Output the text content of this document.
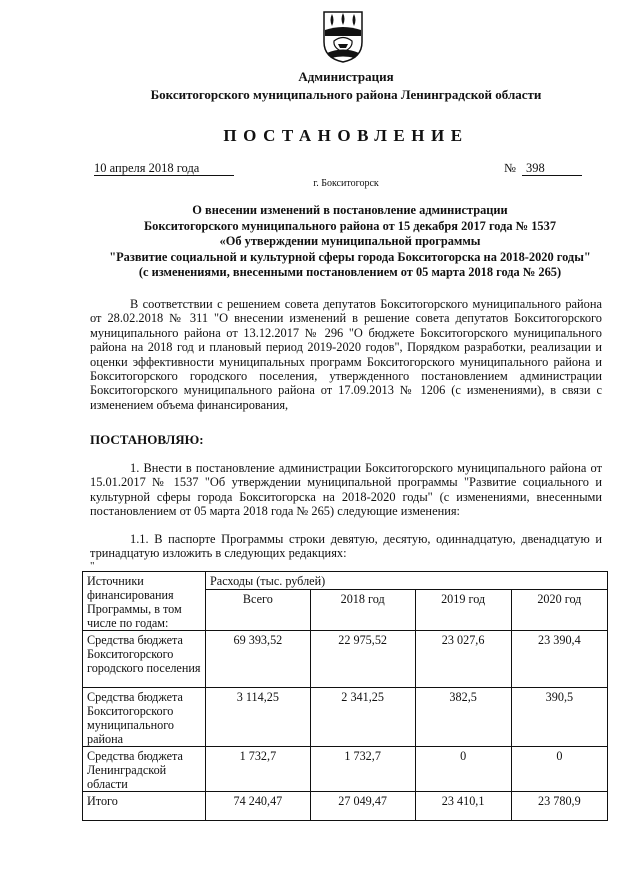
Администрация
Бокситогорского муниципального района Ленинградской области
ПОСТАНОВЛЕНИЕ
10 апреля 2018 года	№ 398
г. Бокситогорск
О внесении изменений в постановление администрации
Бокситогорского муниципального района от 15 декабря 2017 года № 1537
«Об утверждении муниципальной программы
"Развитие социальной и культурной сферы города Бокситогорска на 2018-2020 годы"
(с изменениями, внесенными постановлением от 05 марта 2018 года № 265)
В соответствии с решением совета депутатов Бокситогорского муниципального района от 28.02.2018 № 311 "О внесении изменений в решение совета депутатов Бокситогорского муниципального района от 13.12.2017 № 296 "О бюджете Бокситогорского муниципального района на 2018 год и плановый период 2019-2020 годов", Порядком разработки, реализации и оценки эффективности муниципальных программ Бокситогорского муниципального района и Бокситогорского городского поселения, утвержденного постановлением администрации Бокситогорского муниципального района от 17.09.2013 № 1206 (с изменениями), в связи с изменением объема финансирования,
ПОСТАНОВЛЯЮ:
1. Внести в постановление администрации Бокситогорского муниципального района от 15.01.2017 № 1537 "Об утверждении муниципальной программы "Развитие социального и культурной сферы города Бокситогорска на 2018-2020 годы" (с изменениями, внесенными постановлением от 05 марта 2018 года № 265) следующие изменения:
1.1. В паспорте Программы строки девятую, десятую, одиннадцатую, двенадцатую и тринадцатую изложить в следующих редакциях:
"
Источники финансирования Программы, в том числе по годам:	Расходы (тыс. рублей)			
	Всего	2018 год	2019 год	2020 год
Средства бюджета Бокситогорского городского поселения	69 393,52	22 975,52	23 027,6	23 390,4
Средства бюджета Бокситогорского муниципального района	3 114,25	2 341,25	382,5	390,5
Средства бюджета Ленинградской области	1 732,7	1 732,7	0	0
Итого	74 240,47	27 049,47	23 410,1	23 780,9
